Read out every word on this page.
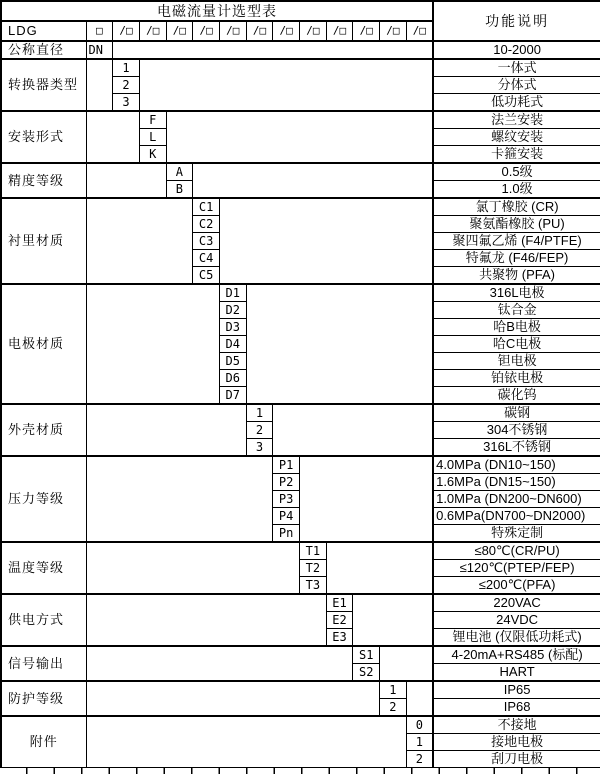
电磁流量计选型表														功能说明
LDG	□	/□	/□	/□	/□	/□	/□	/□	/□	/□	/□	/□	/□	
公称直径	DN													10-2000
转换器类型		1												一体式
		2												分体式
		3												低功耗式
安装形式			F											法兰安装
			L											螺纹安装
			K											卡箍安装
精度等级				A										0.5级
				B										1.0级
衬里材质					C1									氯丁橡胶 (CR)
					C2									聚氨酯橡胶 (PU)
					C3									聚四氟乙烯 (F4/PTFE)
					C4									特氟龙 (F46/FEP)
					C5									共聚物 (PFA)
电极材质						D1								316L电极
						D2								钛合金
						D3								哈B电极
						D4								哈C电极
						D5								钽电极
						D6								铂铱电极
						D7								碳化钨
外壳材质							1							碳钢
							2							304不锈钢
							3							316L不锈钢
压力等级								P1						4.0MPa (DN10~150)
								P2						1.6MPa (DN15~150)
								P3						1.0MPa (DN200~DN600)
								P4						0.6MPa(DN700~DN2000)
								Pn						特殊定制
温度等级									T1					≤80℃(CR/PU)
									T2					≤120℃(PTEP/FEP)
									T3					≤200℃(PFA)
供电方式										E1				220VAC
										E2				24VDC
										E3				锂电池 (仅限低功耗式)
信号输出											S1			4-20mA+RS485 (标配)
											S2			HART
防护等级												1		IP65
												2		IP68
附件													0	不接地
													1	接地电极
													2	刮刀电极
